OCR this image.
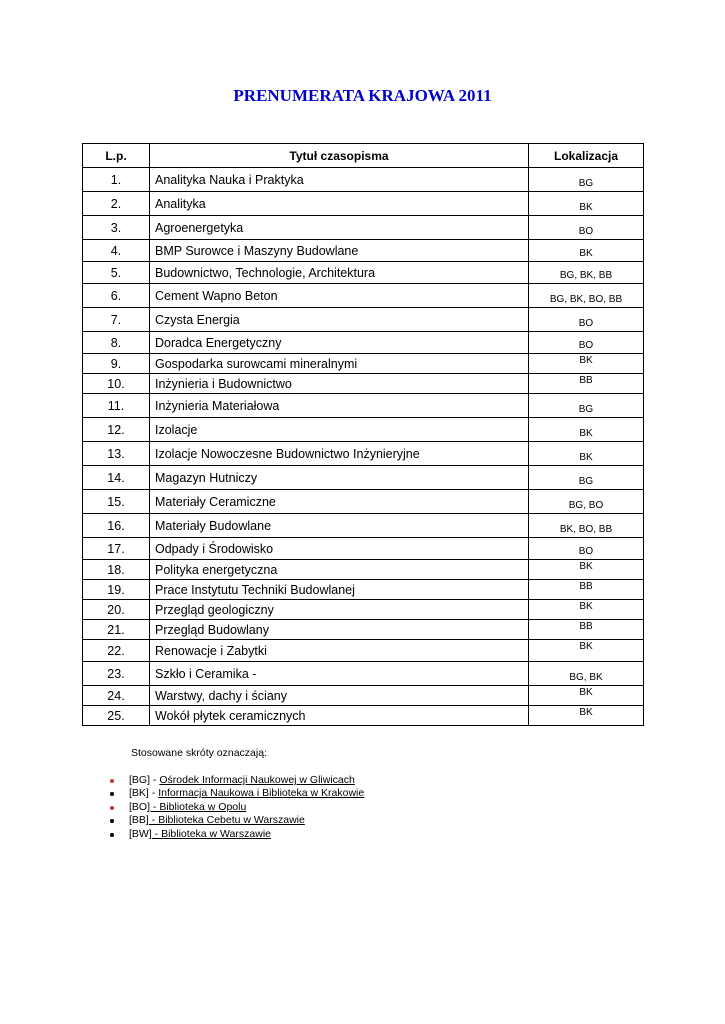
PRENUMERATA KRAJOWA 2011
L.p.	Tytuł czasopisma	Lokalizacja
1.	Analityka Nauka i Praktyka	BG
2.	Analityka	BK
3.	Agroenergetyka	BO
4.	BMP Surowce i Maszyny Budowlane	BK
5.	Budownictwo, Technologie, Architektura	BG, BK, BB
6.	Cement Wapno Beton	BG, BK, BO, BB
7.	Czysta Energia	BO
8.	Doradca Energetyczny	BO
9.	Gospodarka surowcami mineralnymi	BK
10.	Inżynieria i Budownictwo	BB
11.	Inżynieria Materiałowa	BG
12.	Izolacje	BK
13.	Izolacje Nowoczesne Budownictwo Inżynieryjne	BK
14.	Magazyn Hutniczy	BG
15.	Materiały Ceramiczne	BG, BO
16.	Materiały Budowlane	BK, BO, BB
17.	Odpady i Środowisko	BO
18.	Polityka energetyczna	BK
19.	Prace Instytutu Techniki Budowlanej	BB
20.	Przegląd geologiczny	BK
21.	Przegląd Budowlany	BB
22.	Renowacje i Zabytki	BK
23.	Szkło i Ceramika -	BG, BK
24.	Warstwy, dachy i ściany	BK
25.	Wokół płytek ceramicznych	BK
Stosowane skróty oznaczają:
[BG] - Ośrodek Informacji Naukowej w Gliwicach
[BK] - Informacja Naukowa i Biblioteka w Krakowie
[BO] - Biblioteka w Opolu
[BB] - Biblioteka Cebetu w Warszawie
[BW] - Biblioteka w Warszawie
